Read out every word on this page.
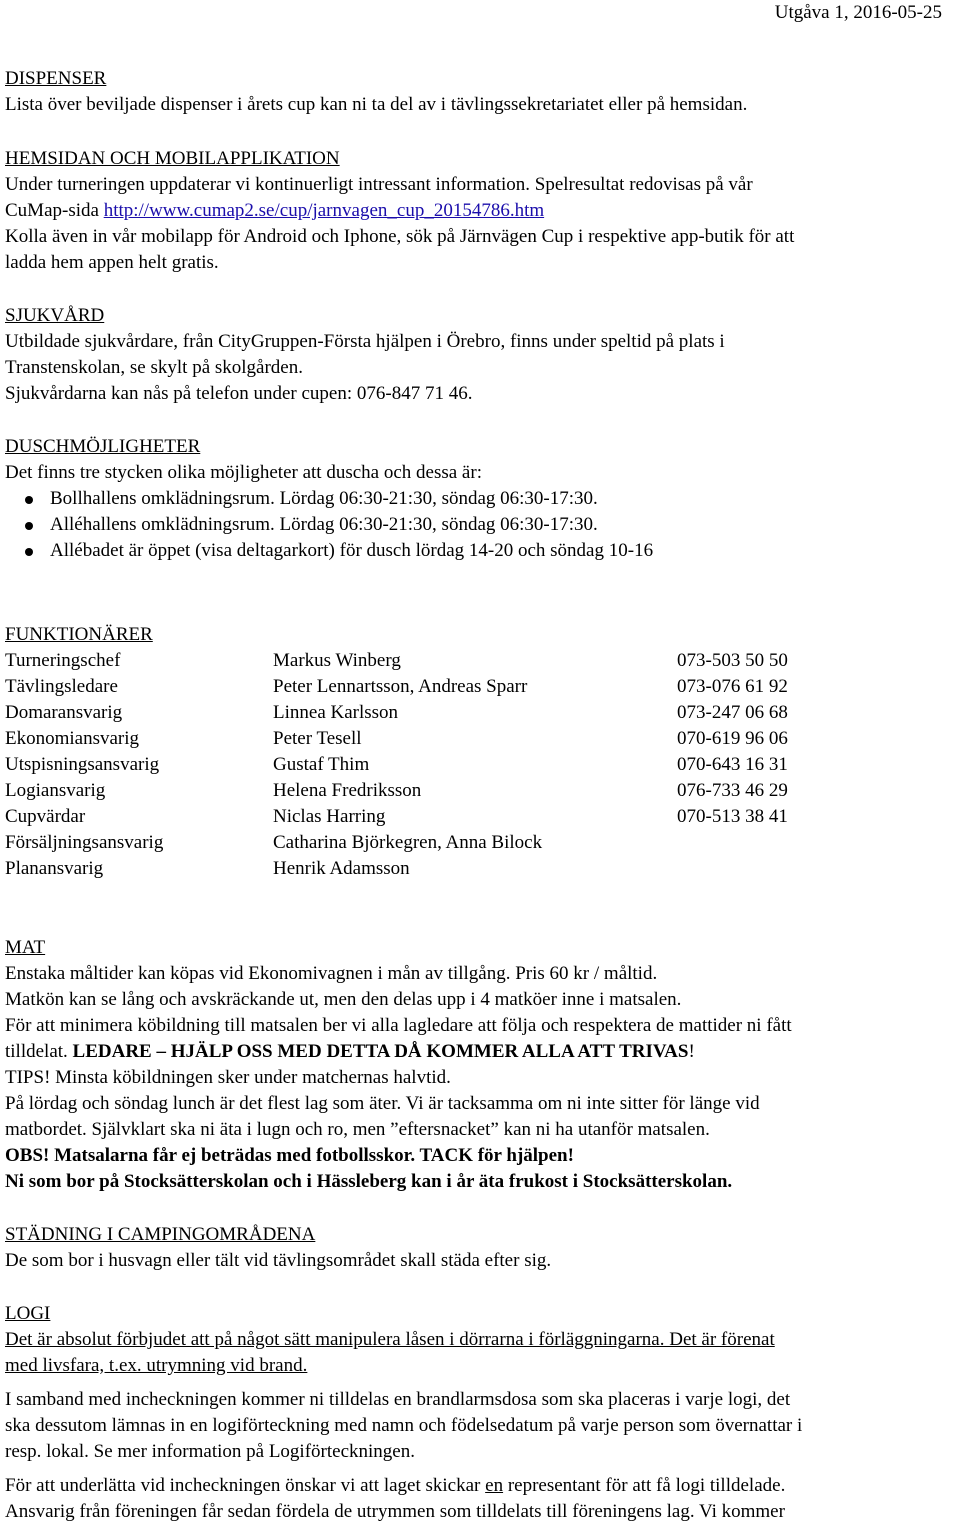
Utgåva 1, 2016-05-25

DISPENSER

Lista över beviljade dispenser i årets cup kan ni ta del av i tävlingssekretariatet eller på hemsidan.

HEMSIDAN OCH MOBILAPPLIKATION

Under turneringen uppdaterar vi kontinuerligt intressant information. Spelresultat redovisas på vår

CuMap-sida http://www.cumap2.se/cup/jarnvagen_cup_20154786.htm

Kolla även in vår mobilapp för Android och Iphone, sök på Järnvägen Cup i respektive app-butik för att

ladda hem appen helt gratis.

SJUKVÅRD

Utbildade sjukvårdare, från CityGruppen-Första hjälpen i Örebro, finns under speltid på plats i

Transtenskolan, se skylt på skolgården.

Sjukvårdarna kan nås på telefon under cupen: 076-847 71 46.

DUSCHMÖJLIGHETER

Det finns tre stycken olika möjligheter att duscha och dessa är:

Bollhallens omklädningsrum. Lördag 06:30-21:30, söndag 06:30-17:30.
Alléhallens omklädningsrum. Lördag 06:30-21:30, söndag 06:30-17:30.
Allébadet är öppet (visa deltagarkort) för dusch lördag 14-20 och söndag 10-16

FUNKTIONÄRER

Turneringschef	Markus Winberg	073-503 50 50
Tävlingsledare	Peter Lennartsson, Andreas Sparr	073-076 61 92
Domaransvarig	Linnea Karlsson	073-247 06 68
Ekonomiansvarig	Peter Tesell	070-619 96 06
Utspisningsansvarig	Gustaf Thim	070-643 16 31
Logiansvarig	Helena Fredriksson	076-733 46 29
Cupvärdar	Niclas Harring	070-513 38 41
Försäljningsansvarig	Catharina Björkegren, Anna Bilock
Planansvarig	Henrik Adamsson

MAT

Enstaka måltider kan köpas vid Ekonomivagnen i mån av tillgång. Pris 60 kr / måltid.

Matkön kan se lång och avskräckande ut, men den delas upp i 4 matköer inne i matsalen.

För att minimera köbildning till matsalen ber vi alla lagledare att följa och respektera de mattider ni fått

tilldelat. LEDARE – HJÄLP OSS MED DETTA DÅ KOMMER ALLA ATT TRIVAS!

TIPS! Minsta köbildningen sker under matchernas halvtid.

På lördag och söndag lunch är det flest lag som äter. Vi är tacksamma om ni inte sitter för länge vid

matbordet. Självklart ska ni äta i lugn och ro, men ”eftersnacket” kan ni ha utanför matsalen.

OBS! Matsalarna får ej beträdas med fotbollsskor. TACK för hjälpen!

Ni som bor på Stocksätterskolan och i Hässleberg kan i år äta frukost i Stocksätterskolan.

STÄDNING I CAMPINGOMRÅDENA

De som bor i husvagn eller tält vid tävlingsområdet skall städa efter sig.

LOGI

Det är absolut förbjudet att på något sätt manipulera låsen i dörrarna i förläggningarna. Det är förenat

med livsfara, t.ex. utrymning vid brand.

I samband med incheckningen kommer ni tilldelas en brandlarmsdosa som ska placeras i varje logi, det

ska dessutom lämnas in en logiförteckning med namn och födelsedatum på varje person som övernattar i

resp. lokal. Se mer information på Logiförteckningen.

För att underlätta vid incheckningen önskar vi att laget skickar en representant för att få logi tilldelade.

Ansvarig från föreningen får sedan fördela de utrymmen som tilldelats till föreningens lag. Vi kommer
